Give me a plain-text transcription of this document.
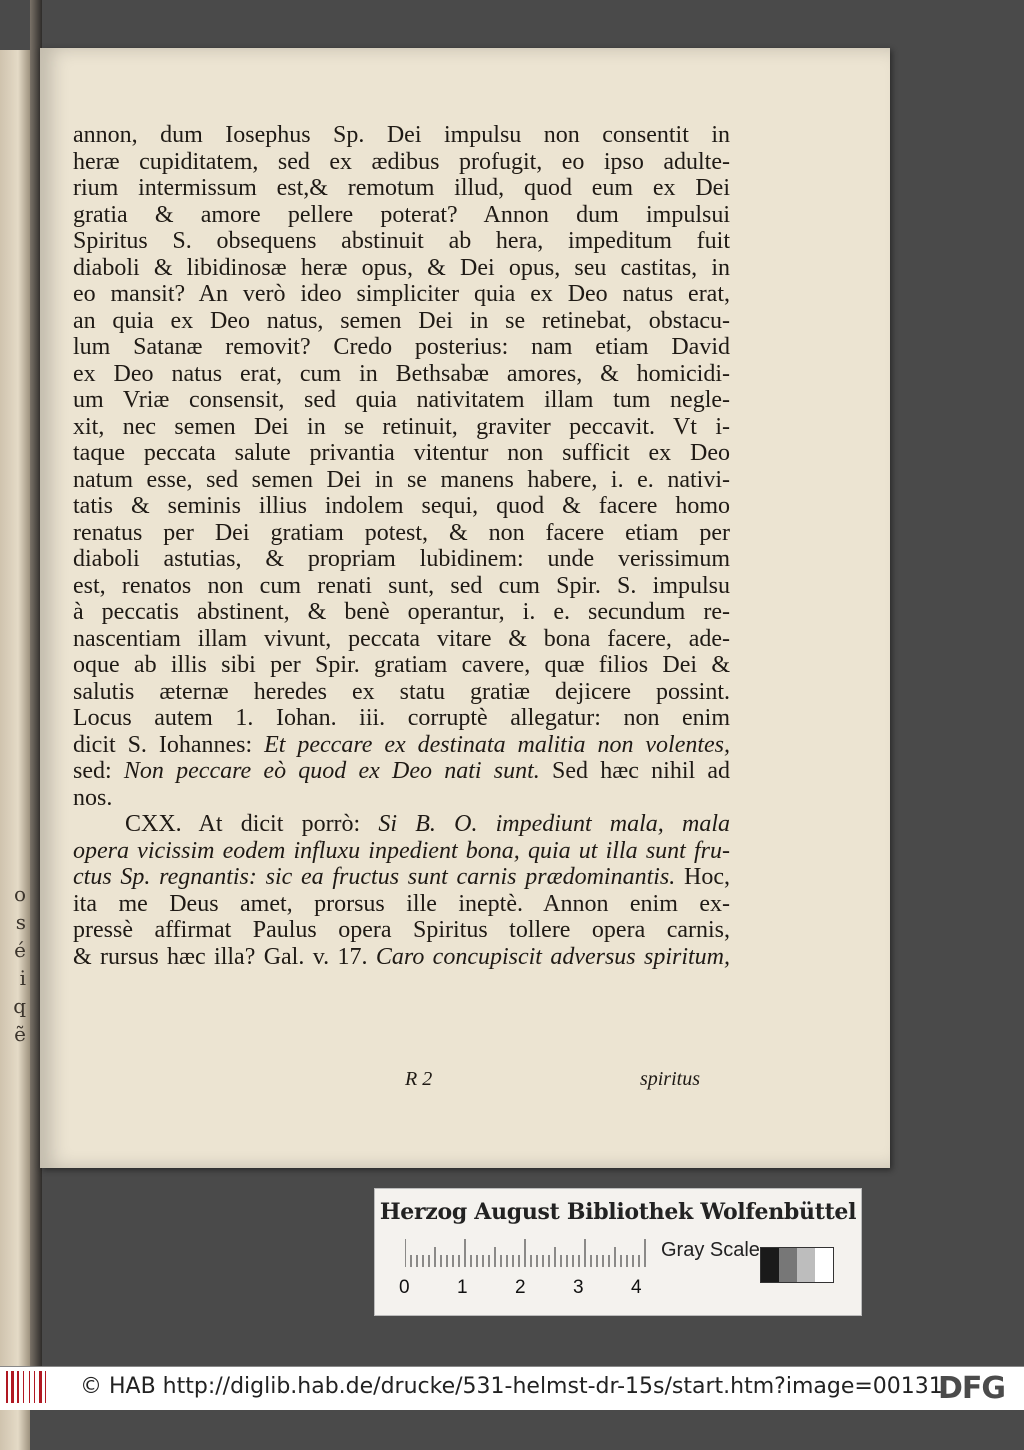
o
s
é
i
q
ẽ
annon, dum Iosephus Sp. Dei impulsu non consentit in
heræ cupiditatem, sed ex ædibus profugit, eo ipso adulte-
rium intermissum est,& remotum illud, quod eum ex Dei
gratia & amore pellere poterat? Annon dum impulsui
Spiritus S. obsequens abstinuit ab hera, impeditum fuit
diaboli & libidinosæ heræ opus, & Dei opus, seu castitas, in
eo mansit? An verò ideo simpliciter quia ex Deo natus erat,
an quia ex Deo natus, semen Dei in se retinebat, obstacu-
lum Satanæ removit? Credo posterius: nam etiam David
ex Deo natus erat, cum in Bethsabæ amores, & homicidi-
um Vriæ consensit, sed quia nativitatem illam tum negle-
xit, nec semen Dei in se retinuit, graviter peccavit. Vt i-
taque peccata salute privantia vitentur non sufficit ex Deo
natum esse, sed semen Dei in se manens habere, i. e. nativi-
tatis & seminis illius indolem sequi, quod & facere homo
renatus per Dei gratiam potest, & non facere etiam per
diaboli astutias, & propriam lubidinem: unde verissimum
est, renatos non cum renati sunt, sed cum Spir. S. impulsu
à peccatis abstinent, & benè operantur, i. e. secundum re-
nascentiam illam vivunt, peccata vitare & bona facere, ade-
oque ab illis sibi per Spir. gratiam cavere, quæ filios Dei &
salutis æternæ heredes ex statu gratiæ dejicere possint.
Locus autem 1. Iohan. iii. corruptè allegatur: non enim
dicit S. Iohannes: Et peccare ex destinata malitia non volentes,
sed: Non peccare eò quod ex Deo nati sunt. Sed hæc nihil ad
nos.
CXX. At dicit porrò: Si B. O. impediunt mala, mala
opera vicissim eodem influxu inpedient bona, quia ut illa sunt fru-
ctus Sp. regnantis: sic ea fructus sunt carnis prædominantis. Hoc,
ita me Deus amet, prorsus ille ineptè. Annon enim ex-
pressè affirmat Paulus opera Spiritus tollere opera carnis,
& rursus hæc illa? Gal. v. 17. Caro concupiscit adversus spiritum,
R 2	spiritus
Herzog August Bibliothek Wolfenbüttel
0 1 2 3 4
Gray Scale
© HAB http://diglib.hab.de/drucke/531-helmst-dr-15s/start.htm?image=00131
DFG
